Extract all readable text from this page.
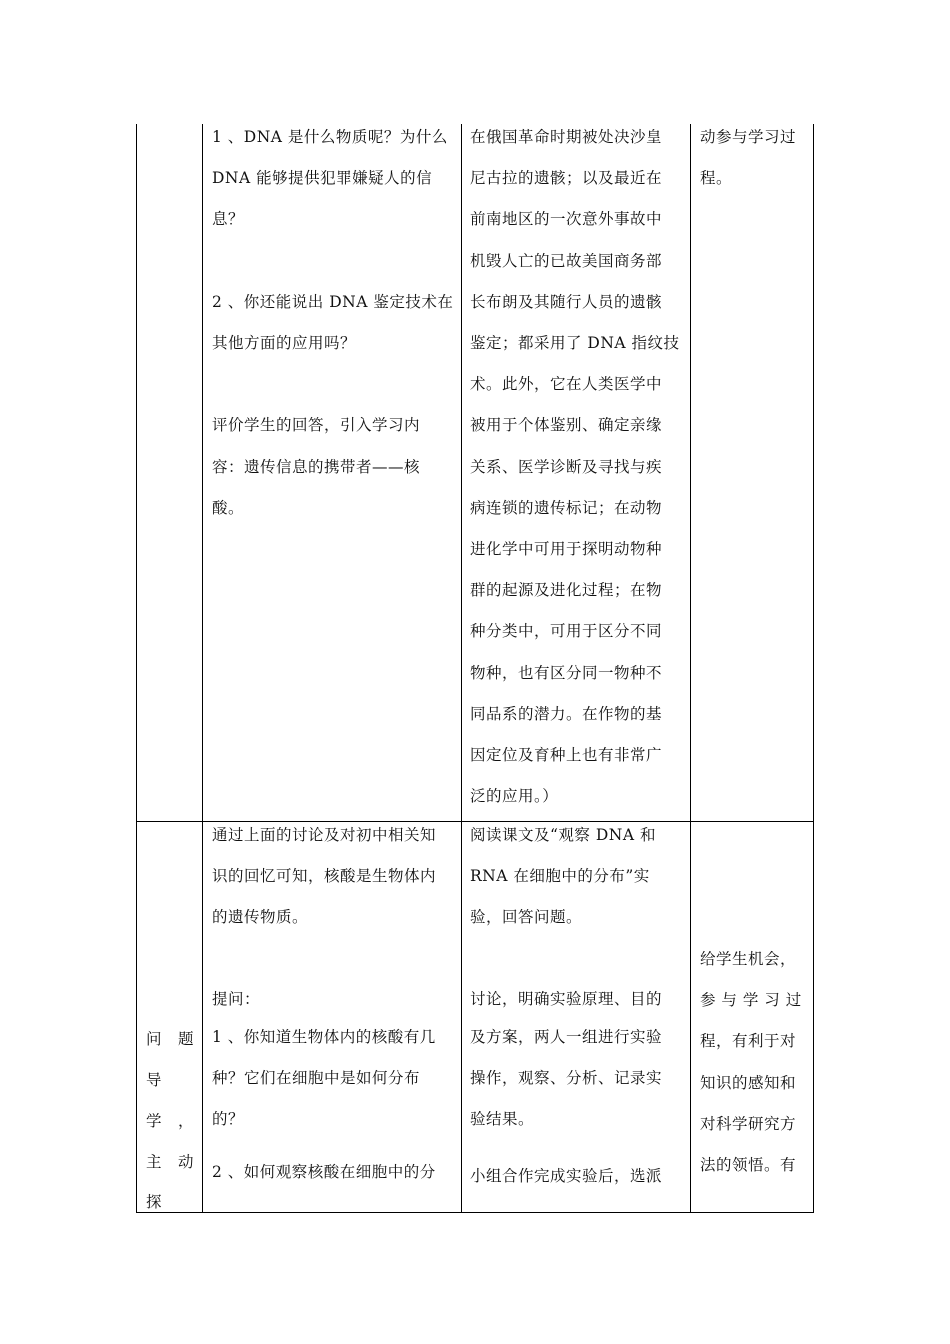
1 、DNA 是什么物质呢？为什么

DNA 能够提供犯罪嫌疑人的信

息？

2 、你还能说出 DNA 鉴定技术在

其他方面的应用吗？

评价学生的回答，引入学习内

容：遗传信息的携带者——核

酸。

在俄国革命时期被处决沙皇

尼古拉的遗骸；以及最近在

前南地区的一次意外事故中

机毁人亡的已故美国商务部

长布朗及其随行人员的遗骸

鉴定；都采用了 DNA 指纹技

术。此外，它在人类医学中

被用于个体鉴别、确定亲缘

关系、医学诊断及寻找与疾

病连锁的遗传标记；在动物

进化学中可用于探明动物种

群的起源及进化过程；在物

种分类中，可用于区分不同

物种，也有区分同一物种不

同品系的潜力。在作物的基

因定位及育种上也有非常广

泛的应用。）

动参与学习过

程。

问 题
导
学 ，
主 动
探

通过上面的讨论及对初中相关知

识的回忆可知，核酸是生物体内

的遗传物质。

提问：

1 、你知道生物体内的核酸有几

种？它们在细胞中是如何分布

的？

2 、如何观察核酸在细胞中的分

阅读课文及“观察 DNA 和

RNA 在细胞中的分布”实

验，回答问题。

讨论，明确实验原理、目的

及方案，两人一组进行实验

操作，观察、分析、记录实

验结果。

小组合作完成实验后，选派

给学生机会，

参 与 学 习 过

程，有利于对

知识的感知和

对科学研究方

法的领悟。有
